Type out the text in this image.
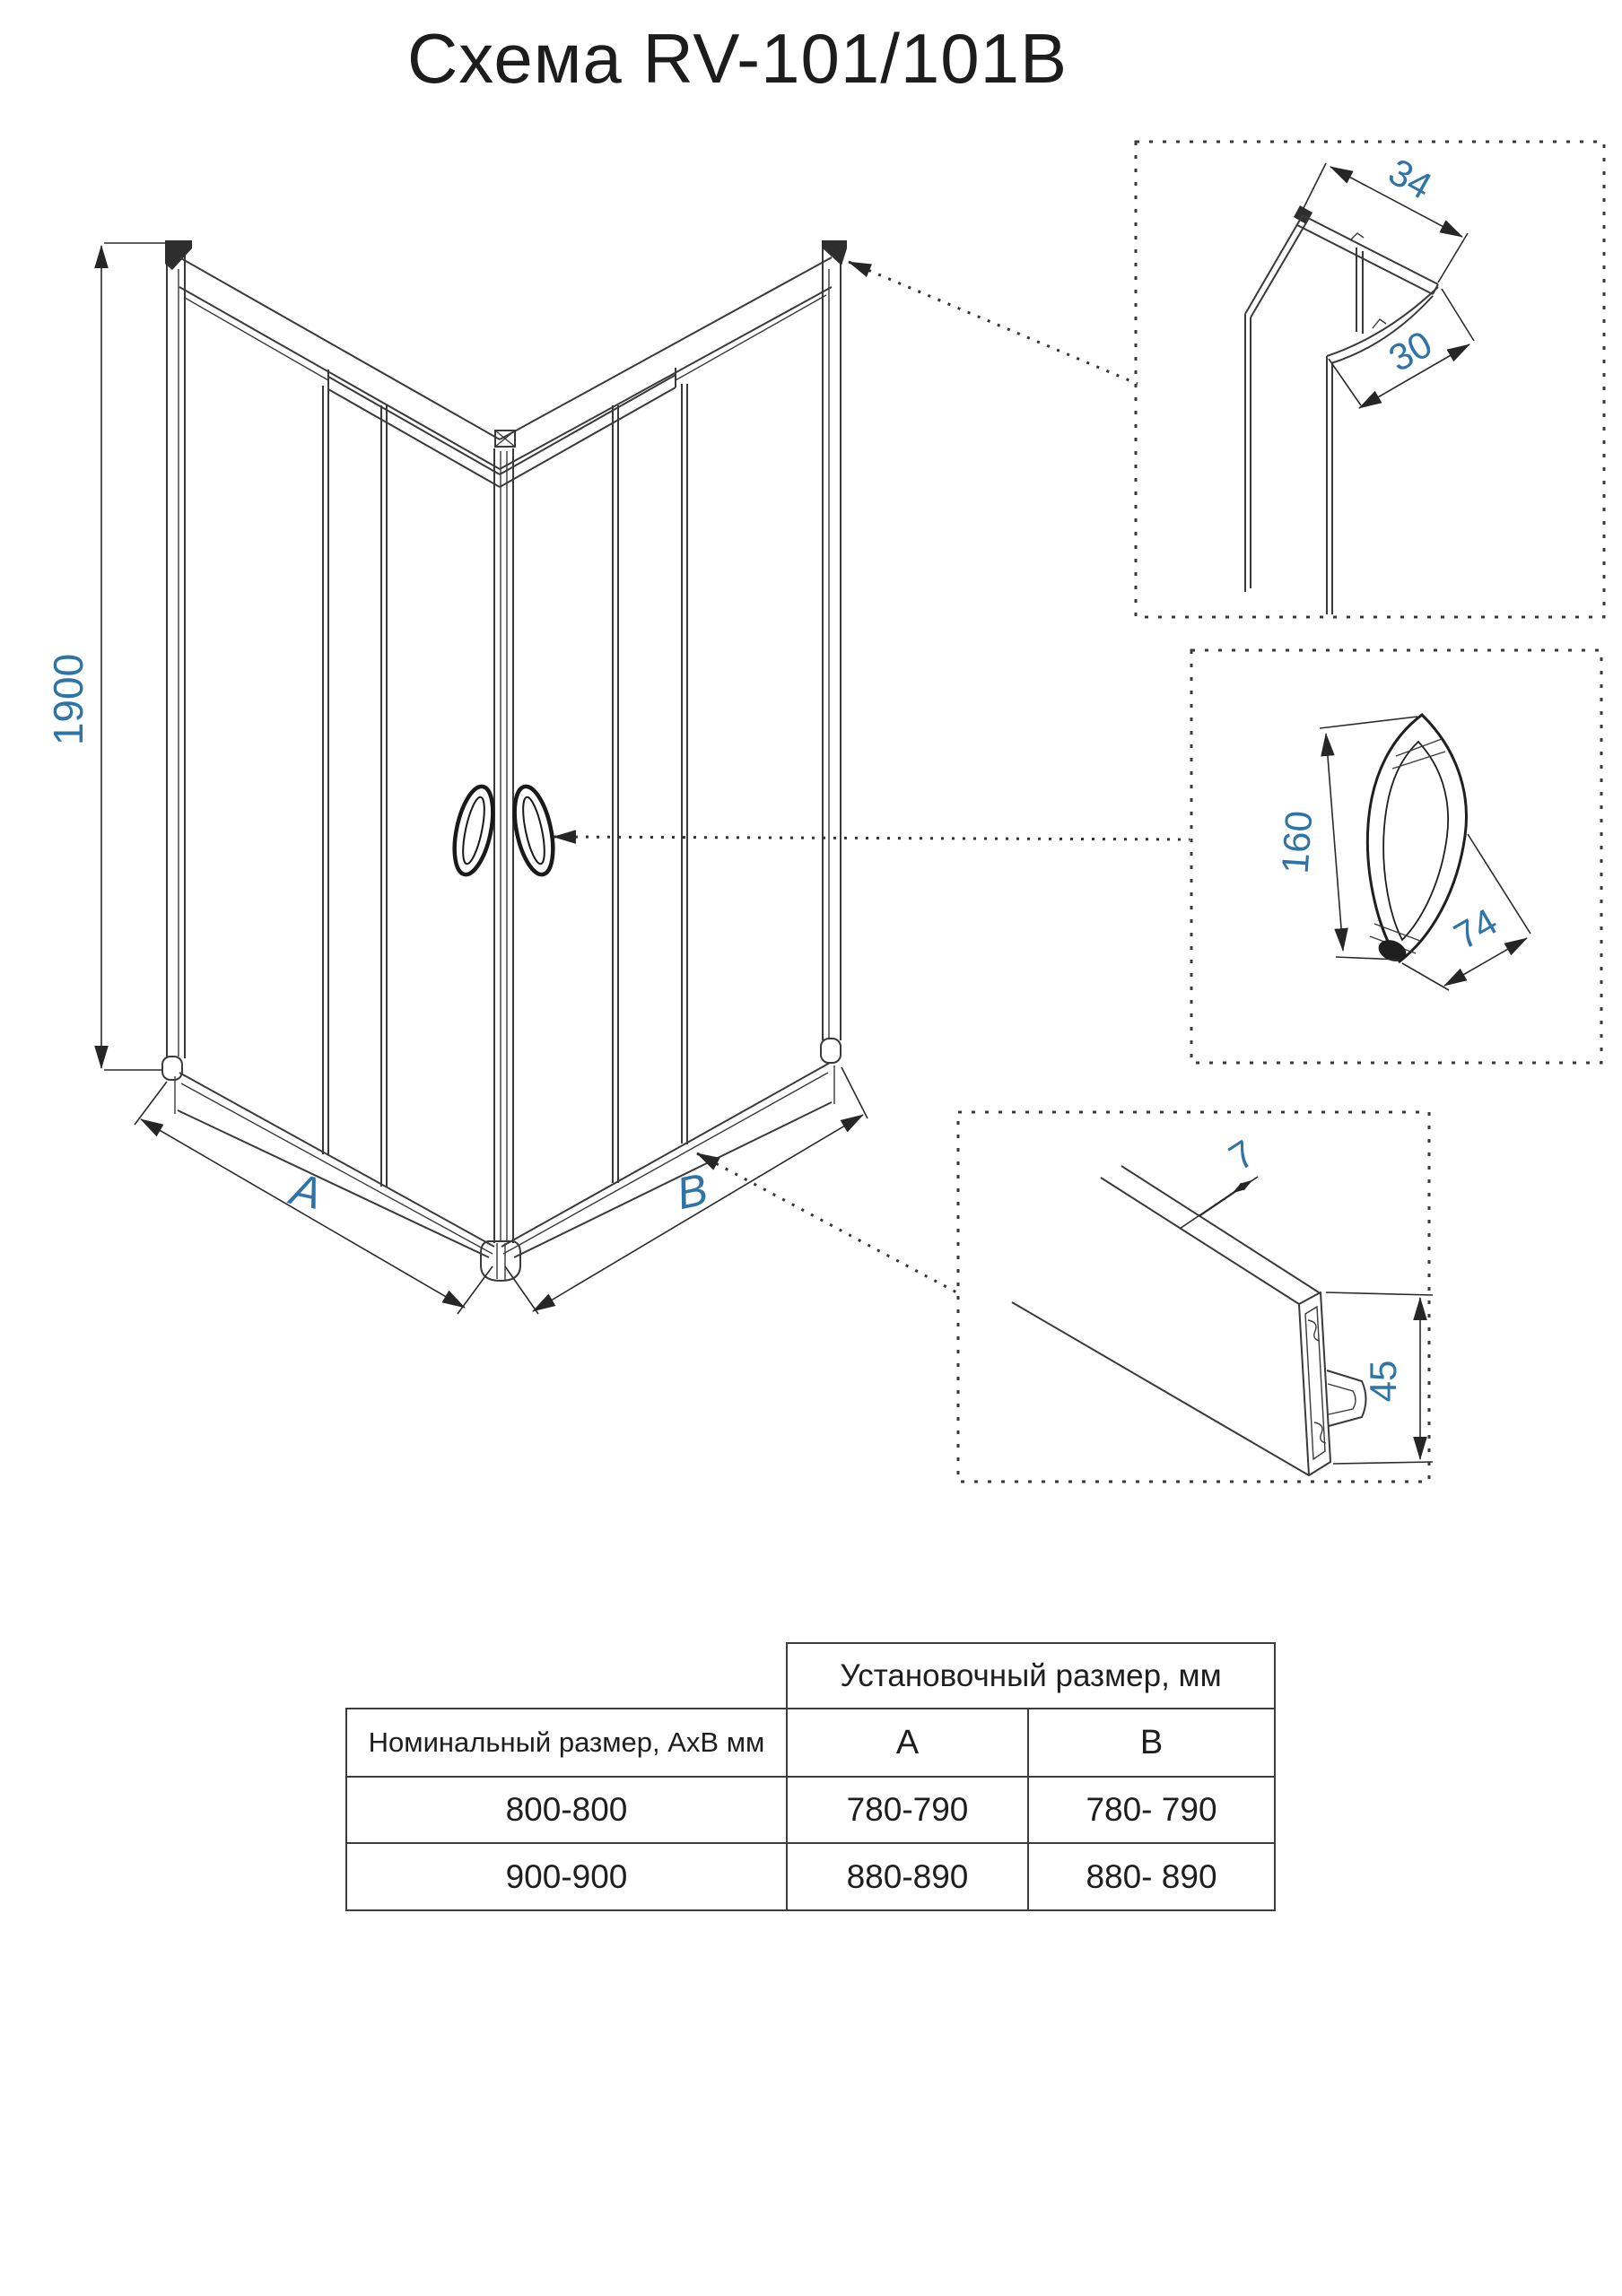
Схема RV-101/101B
1900
A	B
34
30
160
74
7
45
	Установочный размер, мм	
Номинальный размер, АхВ мм	A	B
800-800	780-790	780- 790
900-900	880-890	880- 890
